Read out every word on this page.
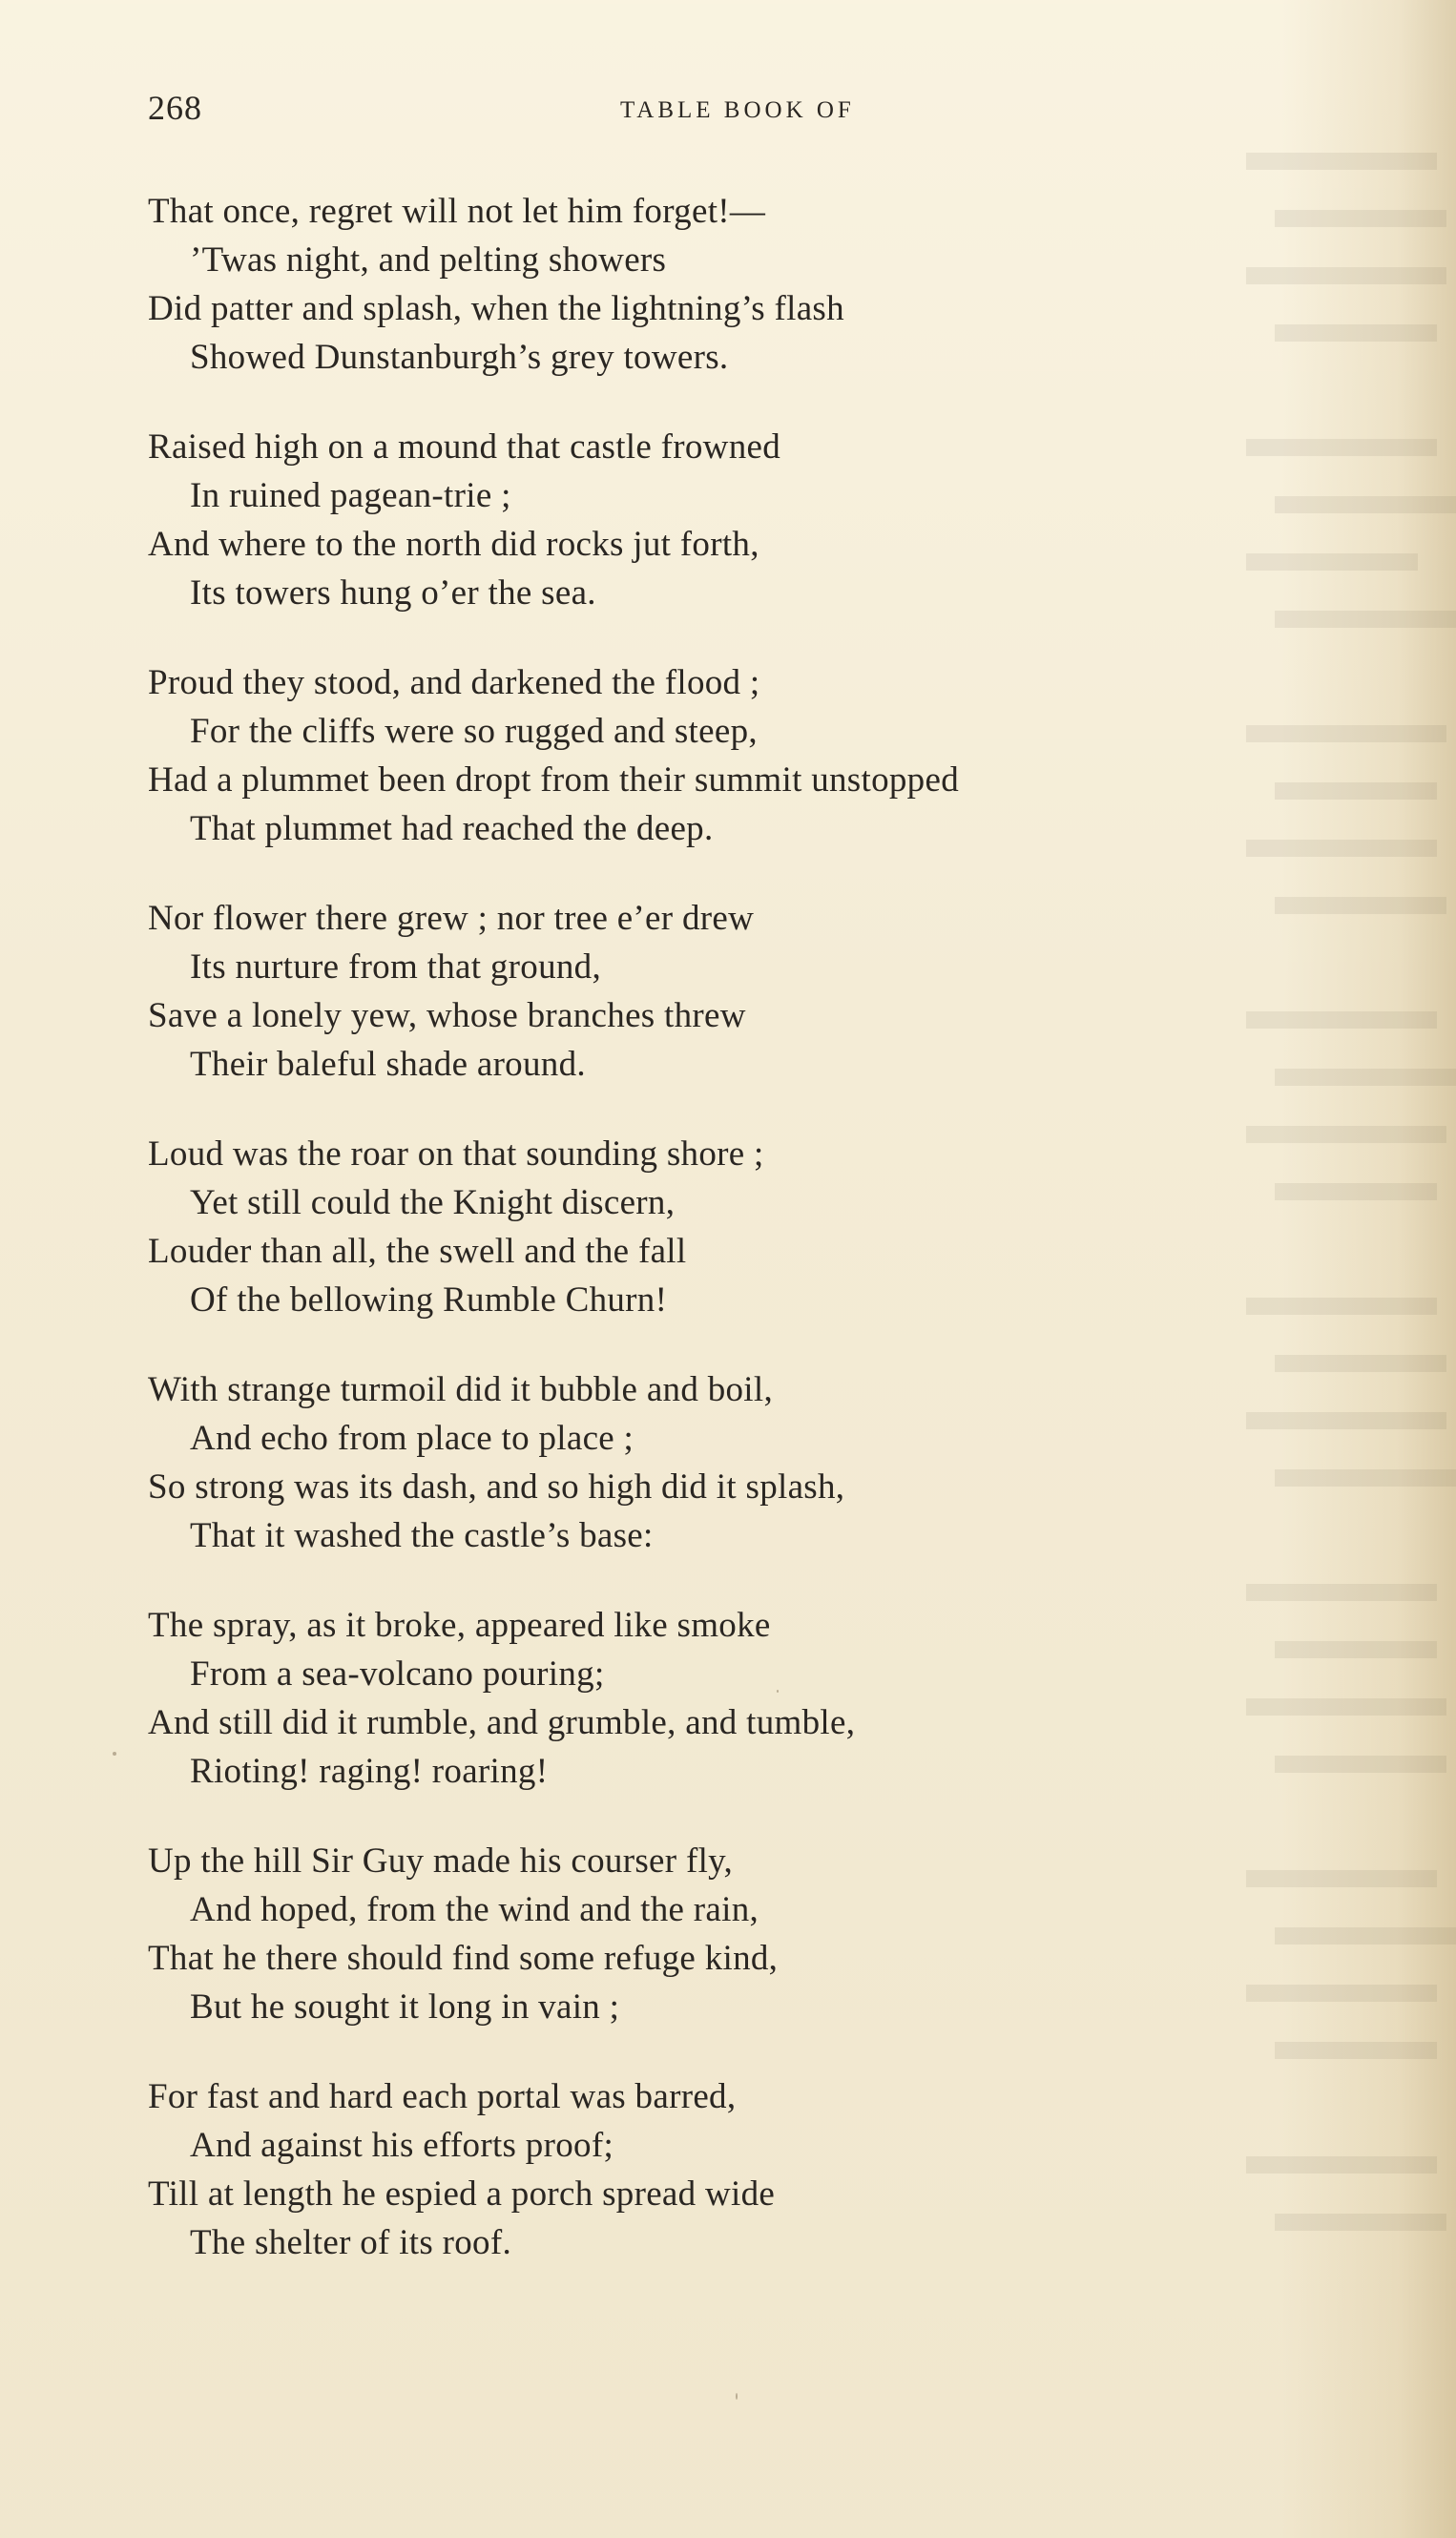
268	TABLE BOOK OF
That once, regret will not let him forget!—
’Twas night, and pelting showers
Did patter and splash, when the lightning’s flash
Showed Dunstanburgh’s grey towers.
Raised high on a mound that castle frowned
In ruined pagean-trie ;
And where to the north did rocks jut forth,
Its towers hung o’er the sea.
Proud they stood, and darkened the flood ;
For the cliffs were so rugged and steep,
Had a plummet been dropt from their summit unstopped
That plummet had reached the deep.
Nor flower there grew ; nor tree e’er drew
Its nurture from that ground,
Save a lonely yew, whose branches threw
Their baleful shade around.
Loud was the roar on that sounding shore ;
Yet still could the Knight discern,
Louder than all, the swell and the fall
Of the bellowing Rumble Churn!
With strange turmoil did it bubble and boil,
And echo from place to place ;
So strong was its dash, and so high did it splash,
That it washed the castle’s base:
The spray, as it broke, appeared like smoke
From a sea-volcano pouring;
And still did it rumble, and grumble, and tumble,
Rioting! raging! roaring!
Up the hill Sir Guy made his courser fly,
And hoped, from the wind and the rain,
That he there should find some refuge kind,
But he sought it long in vain ;
For fast and hard each portal was barred,
And against his efforts proof;
Till at length he espied a porch spread wide
The shelter of its roof.
